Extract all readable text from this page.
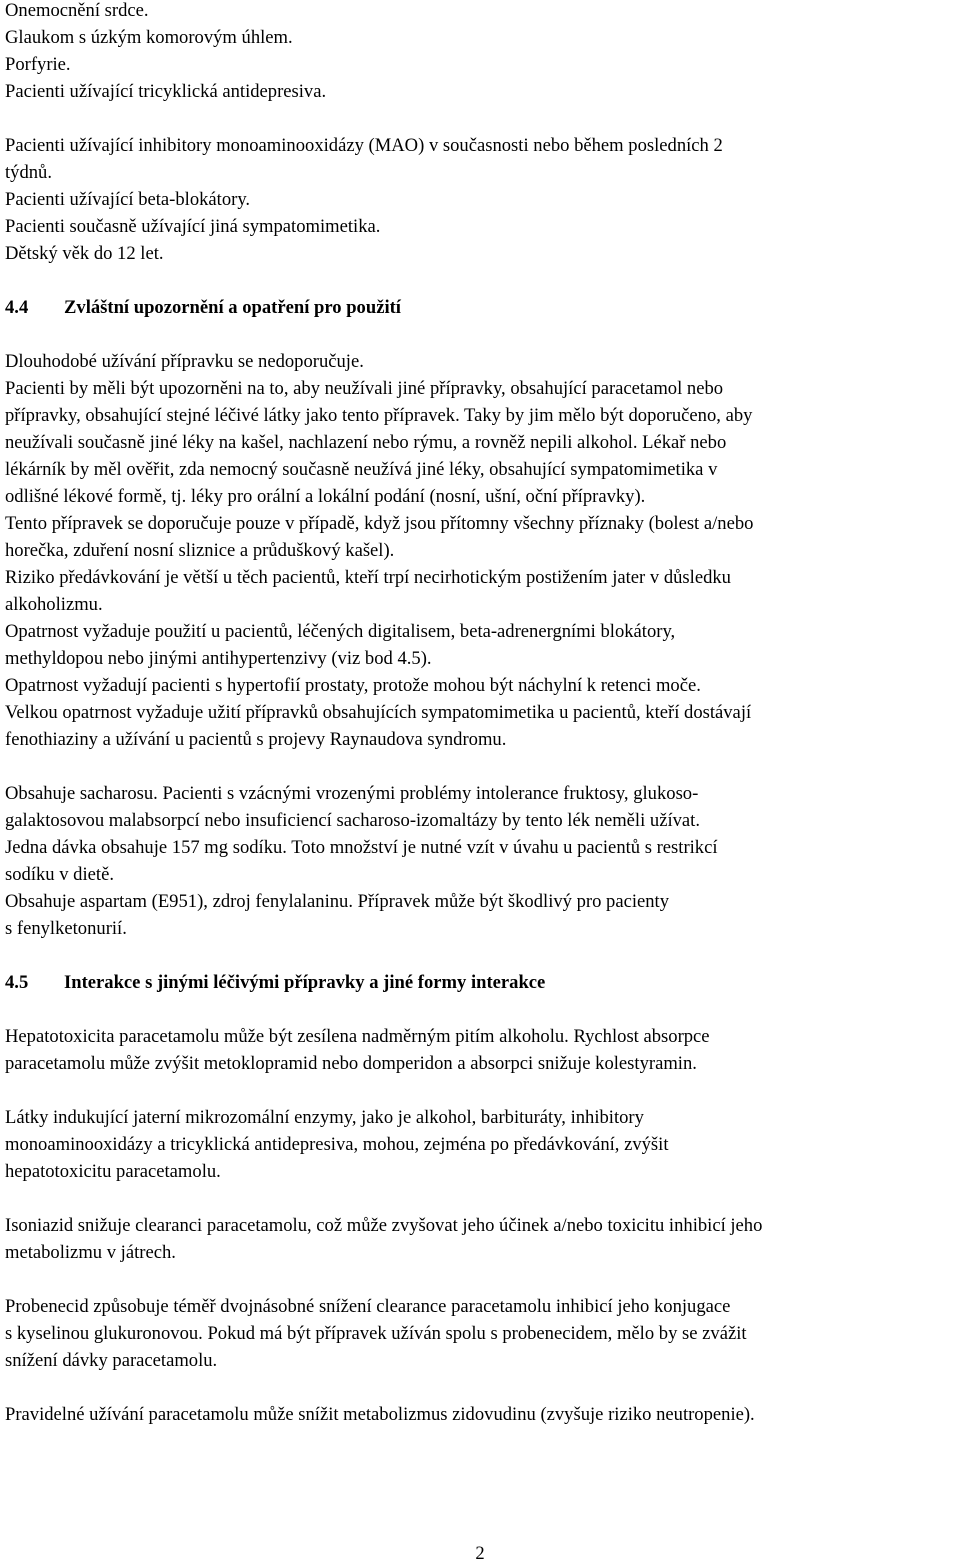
Onemocnění srdce.
Glaukom s úzkým komorovým úhlem.
Porfyrie.
Pacienti užívající tricyklická antidepresiva.
Pacienti užívající inhibitory monoaminooxidázy (MAO) v současnosti nebo během posledních 2
týdnů.
Pacienti užívající beta-blokátory.
Pacienti současně užívající jiná sympatomimetika.
Dětský věk do 12 let.
4.4	Zvláštní upozornění a opatření pro použití
Dlouhodobé užívání přípravku se nedoporučuje.
Pacienti by měli být upozorněni na to, aby neužívali jiné přípravky, obsahující paracetamol nebo
přípravky, obsahující stejné léčivé látky jako tento přípravek. Taky by jim mělo být doporučeno, aby
neužívali současně jiné léky na kašel, nachlazení nebo rýmu, a rovněž nepili alkohol. Lékař nebo
lékárník by měl ověřit, zda nemocný současně neužívá jiné léky, obsahující sympatomimetika v
odlišné lékové formě, tj. léky pro orální a lokální podání (nosní, ušní, oční přípravky).
Tento přípravek se doporučuje pouze v případě, když jsou přítomny všechny příznaky (bolest a/nebo
horečka, zduření nosní sliznice a průduškový kašel).
Riziko předávkování je větší u těch pacientů, kteří trpí necirhotickým postižením jater v důsledku
alkoholizmu.
Opatrnost vyžaduje použití u pacientů, léčených digitalisem, beta-adrenergními blokátory,
methyldopou nebo jinými antihypertenzivy (viz bod 4.5).
Opatrnost vyžadují pacienti s hypertofií prostaty, protože mohou být náchylní k retenci moče.
Velkou opatrnost vyžaduje užití přípravků obsahujících sympatomimetika u pacientů, kteří dostávají
fenothiaziny a užívání u pacientů s projevy Raynaudova syndromu.
Obsahuje sacharosu. Pacienti s vzácnými vrozenými problémy intolerance fruktosy, glukoso-
galaktosovou malabsorpcí nebo insuficiencí sacharoso-izomaltázy by tento lék neměli užívat.
Jedna dávka obsahuje 157 mg sodíku. Toto množství je nutné vzít v úvahu u pacientů s restrikcí
sodíku v dietě.
Obsahuje aspartam (E951), zdroj fenylalaninu. Přípravek může být škodlivý pro pacienty
s fenylketonurií.
4.5	Interakce s jinými léčivými přípravky a jiné formy interakce
Hepatotoxicita paracetamolu může být zesílena nadměrným pitím alkoholu. Rychlost absorpce
paracetamolu může zvýšit metoklopramid nebo domperidon a absorpci snižuje kolestyramin.
Látky indukující jaterní mikrozomální enzymy, jako je alkohol, barbituráty, inhibitory
monoaminooxidázy a tricyklická antidepresiva, mohou, zejména po předávkování, zvýšit
hepatotoxicitu paracetamolu.
Isoniazid snižuje clearanci paracetamolu, což může zvyšovat jeho účinek a/nebo toxicitu inhibicí jeho
metabolizmu v játrech.
Probenecid způsobuje téměř dvojnásobné snížení clearance paracetamolu inhibicí jeho konjugace
s kyselinou glukuronovou. Pokud má být přípravek užíván spolu s probenecidem, mělo by se zvážit
snížení dávky paracetamolu.
Pravidelné užívání paracetamolu může snížit metabolizmus zidovudinu (zvyšuje riziko neutropenie).
2
